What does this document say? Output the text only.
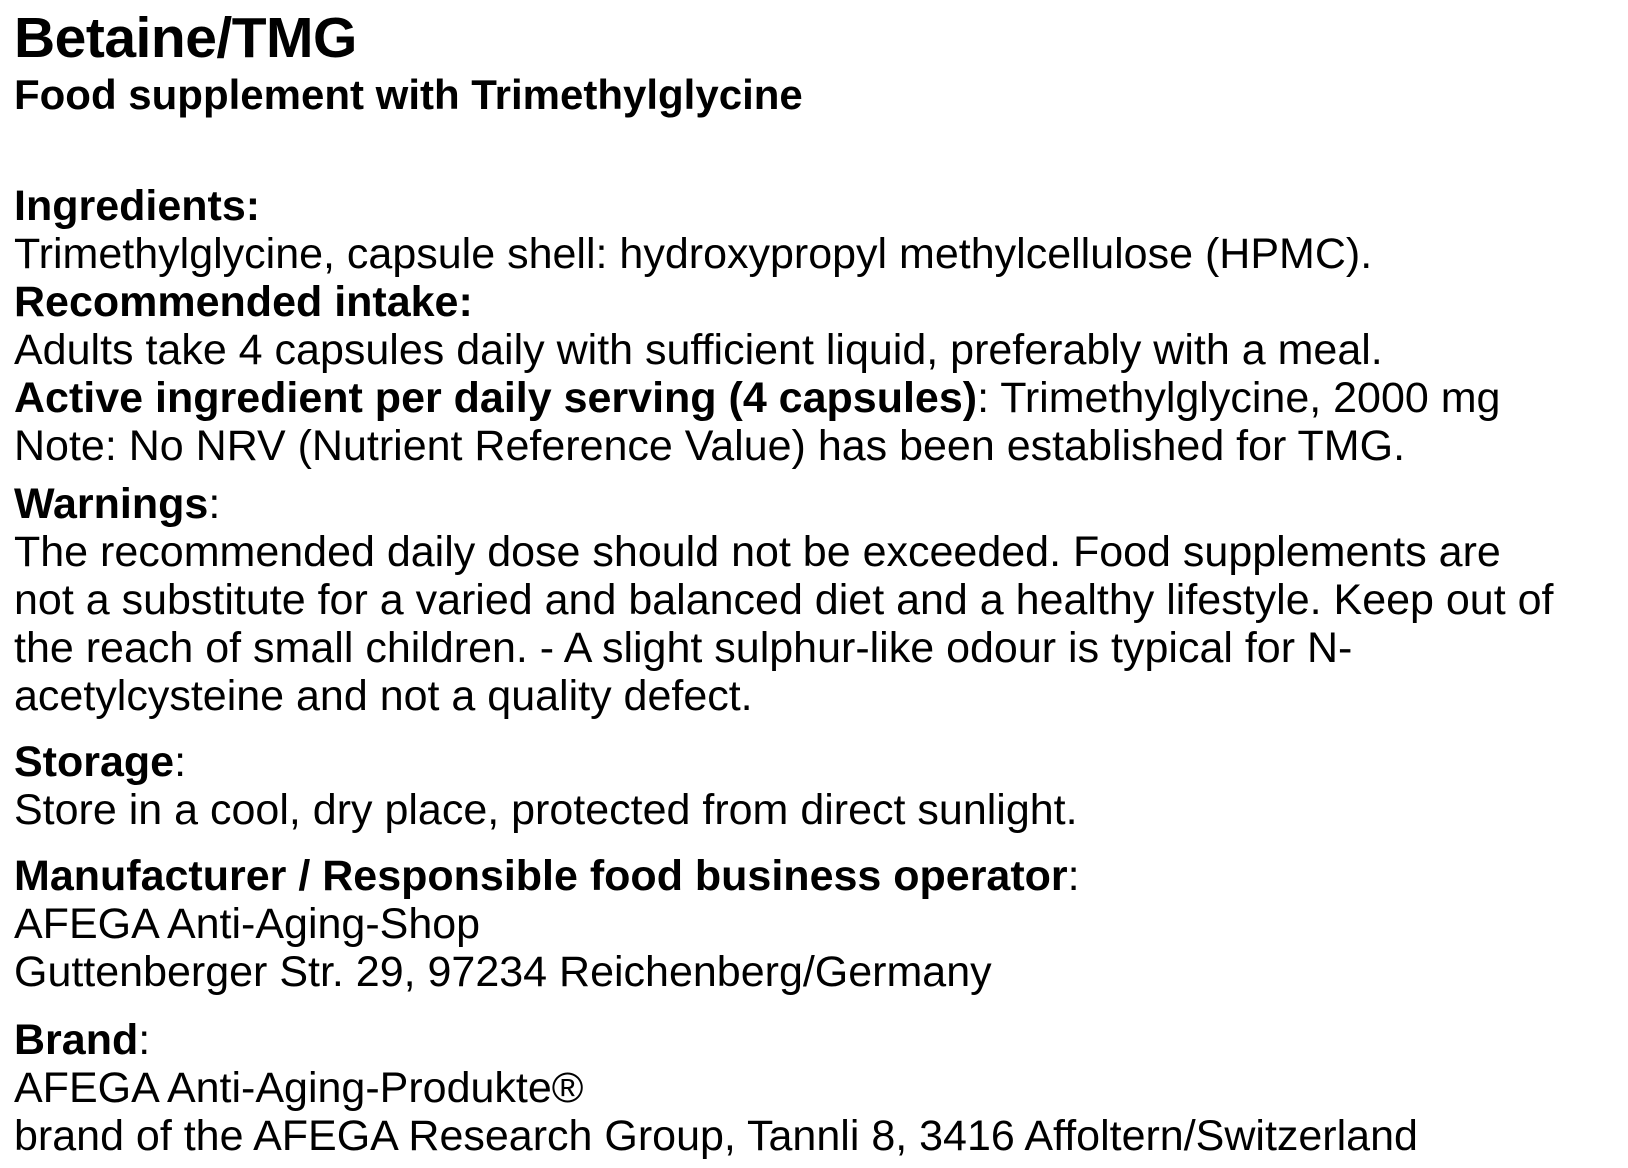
Betaine/TMG
Food supplement with Trimethylglycine
Ingredients:
Trimethylglycine, capsule shell: hydroxypropyl methylcellulose (HPMC).
Recommended intake:
Adults take 4 capsules daily with sufficient liquid, preferably with a meal.
Active ingredient per daily serving (4 capsules): Trimethylglycine, 2000 mg
Note: No NRV (Nutrient Reference Value) has been established for TMG.
Warnings:
The recommended daily dose should not be exceeded. Food supplements are
not a substitute for a varied and balanced diet and a healthy lifestyle. Keep out of
the reach of small children. - A slight sulphur-like odour is typical for N-
acetylcysteine and not a quality defect.
Storage:
Store in a cool, dry place, protected from direct sunlight.
Manufacturer / Responsible food business operator:
AFEGA Anti-Aging-Shop
Guttenberger Str. 29, 97234 Reichenberg/Germany
Brand:
AFEGA Anti-Aging-Produkte®
brand of the AFEGA Research Group, Tannli 8, 3416 Affoltern/Switzerland
